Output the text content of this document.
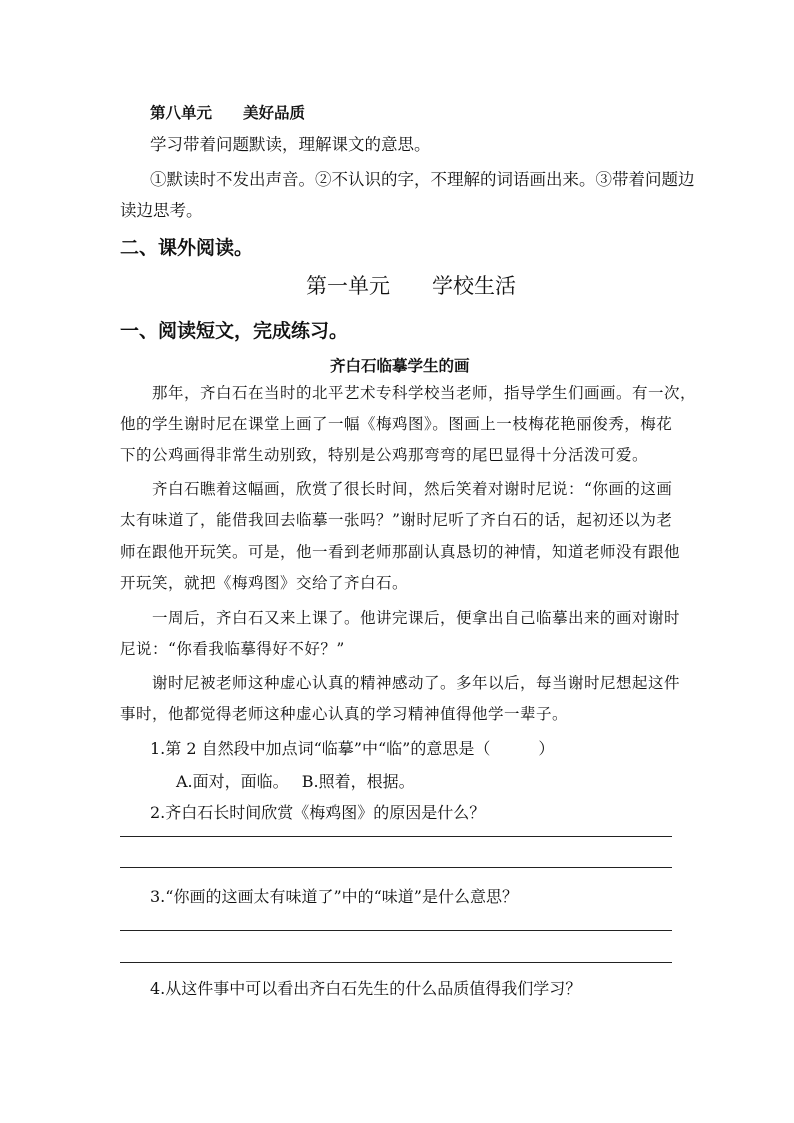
第八单元　　美好品质
学习带着问题默读，理解课文的意思。
①默读时不发出声音。②不认识的字，不理解的词语画出来。③带着问题边
读边思考。
二、课外阅读。
第一单元　　学校生活
一、阅读短文，完成练习。
齐白石临摹学生的画
那年，齐白石在当时的北平艺术专科学校当老师，指导学生们画画。有一次，
他的学生谢时尼在课堂上画了一幅《梅鸡图》。图画上一枝梅花艳丽俊秀，梅花
下的公鸡画得非常生动别致，特别是公鸡那弯弯的尾巴显得十分活泼可爱。
齐白石瞧着这幅画，欣赏了很长时间，然后笑着对谢时尼说：“你画的这画
太有味道了，能借我回去临摹一张吗？”谢时尼听了齐白石的话，起初还以为老
师在跟他开玩笑。可是，他一看到老师那副认真恳切的神情，知道老师没有跟他
开玩笑，就把《梅鸡图》交给了齐白石。
一周后，齐白石又来上课了。他讲完课后，便拿出自己临摹出来的画对谢时
尼说：“你看我临摹得好不好？”
谢时尼被老师这种虚心认真的精神感动了。多年以后，每当谢时尼想起这件
事时，他都觉得老师这种虚心认真的学习精神值得他学一辈子。
1.第 2 自然段中加点词“临摹”中“临”的意思是（　　　）
A.面对，面临。　 B.照着，根据。
2.齐白石长时间欣赏《梅鸡图》的原因是什么？
3.“你画的这画太有味道了”中的“味道”是什么意思？
4.从这件事中可以看出齐白石先生的什么品质值得我们学习？
